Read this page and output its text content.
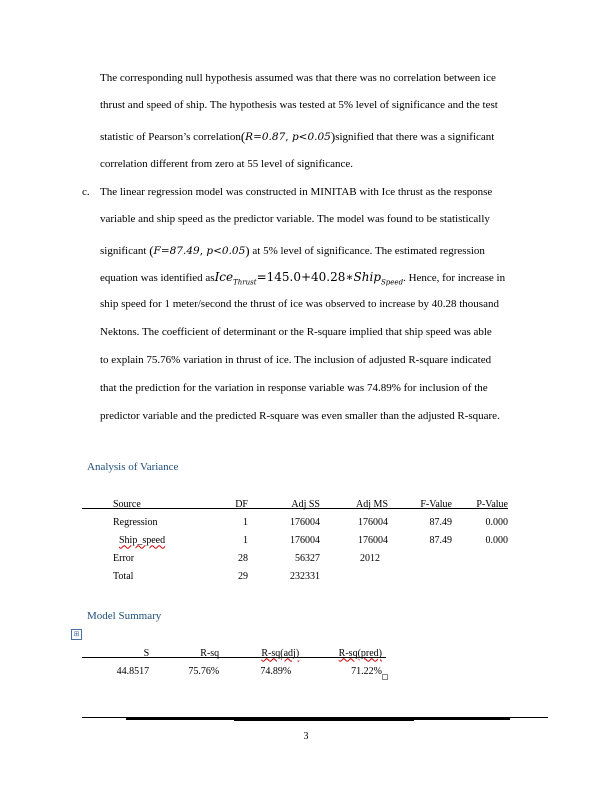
The corresponding null hypothesis assumed was that there was no correlation between ice
thrust and speed of ship. The hypothesis was tested at 5% level of significance and the test
statistic of Pearson’s correlation(R=0.87, p<0.05)signified that there was a significant
correlation different from zero at 55 level of significance.
c. The linear regression model was constructed in MINITAB with Ice thrust as the response
variable and ship speed as the predictor variable. The model was found to be statistically
significant (F=87.49, p<0.05) at 5% level of significance. The estimated regression
equation was identified asIce$_{Thrust}$=145.0+40.28∗Ship$_{Speed}$. Hence, for increase in
ship speed for 1 meter/second the thrust of ice was observed to increase by 40.28 thousand
Nektons. The coefficient of determinant or the R-square implied that ship speed was able
to explain 75.76% variation in thrust of ice. The inclusion of adjusted R-square indicated
that the prediction for the variation in response variable was 74.89% for inclusion of the
predictor variable and the predicted R-square was even smaller than the adjusted R-square.
Analysis of Variance
Source	DF	Adj SS	Adj MS	F-Value	P-Value
Regression	1	176004	176004	87.49	0.000
Ship_speed	1	176004	176004	87.49	0.000
Error	28	56327	2012		
Total	29	232331			
Model Summary
⊞
S	R-sq	R-sq(adj)	R-sq(pred)
44.8517	75.76%	74.89%	71.22%
3
